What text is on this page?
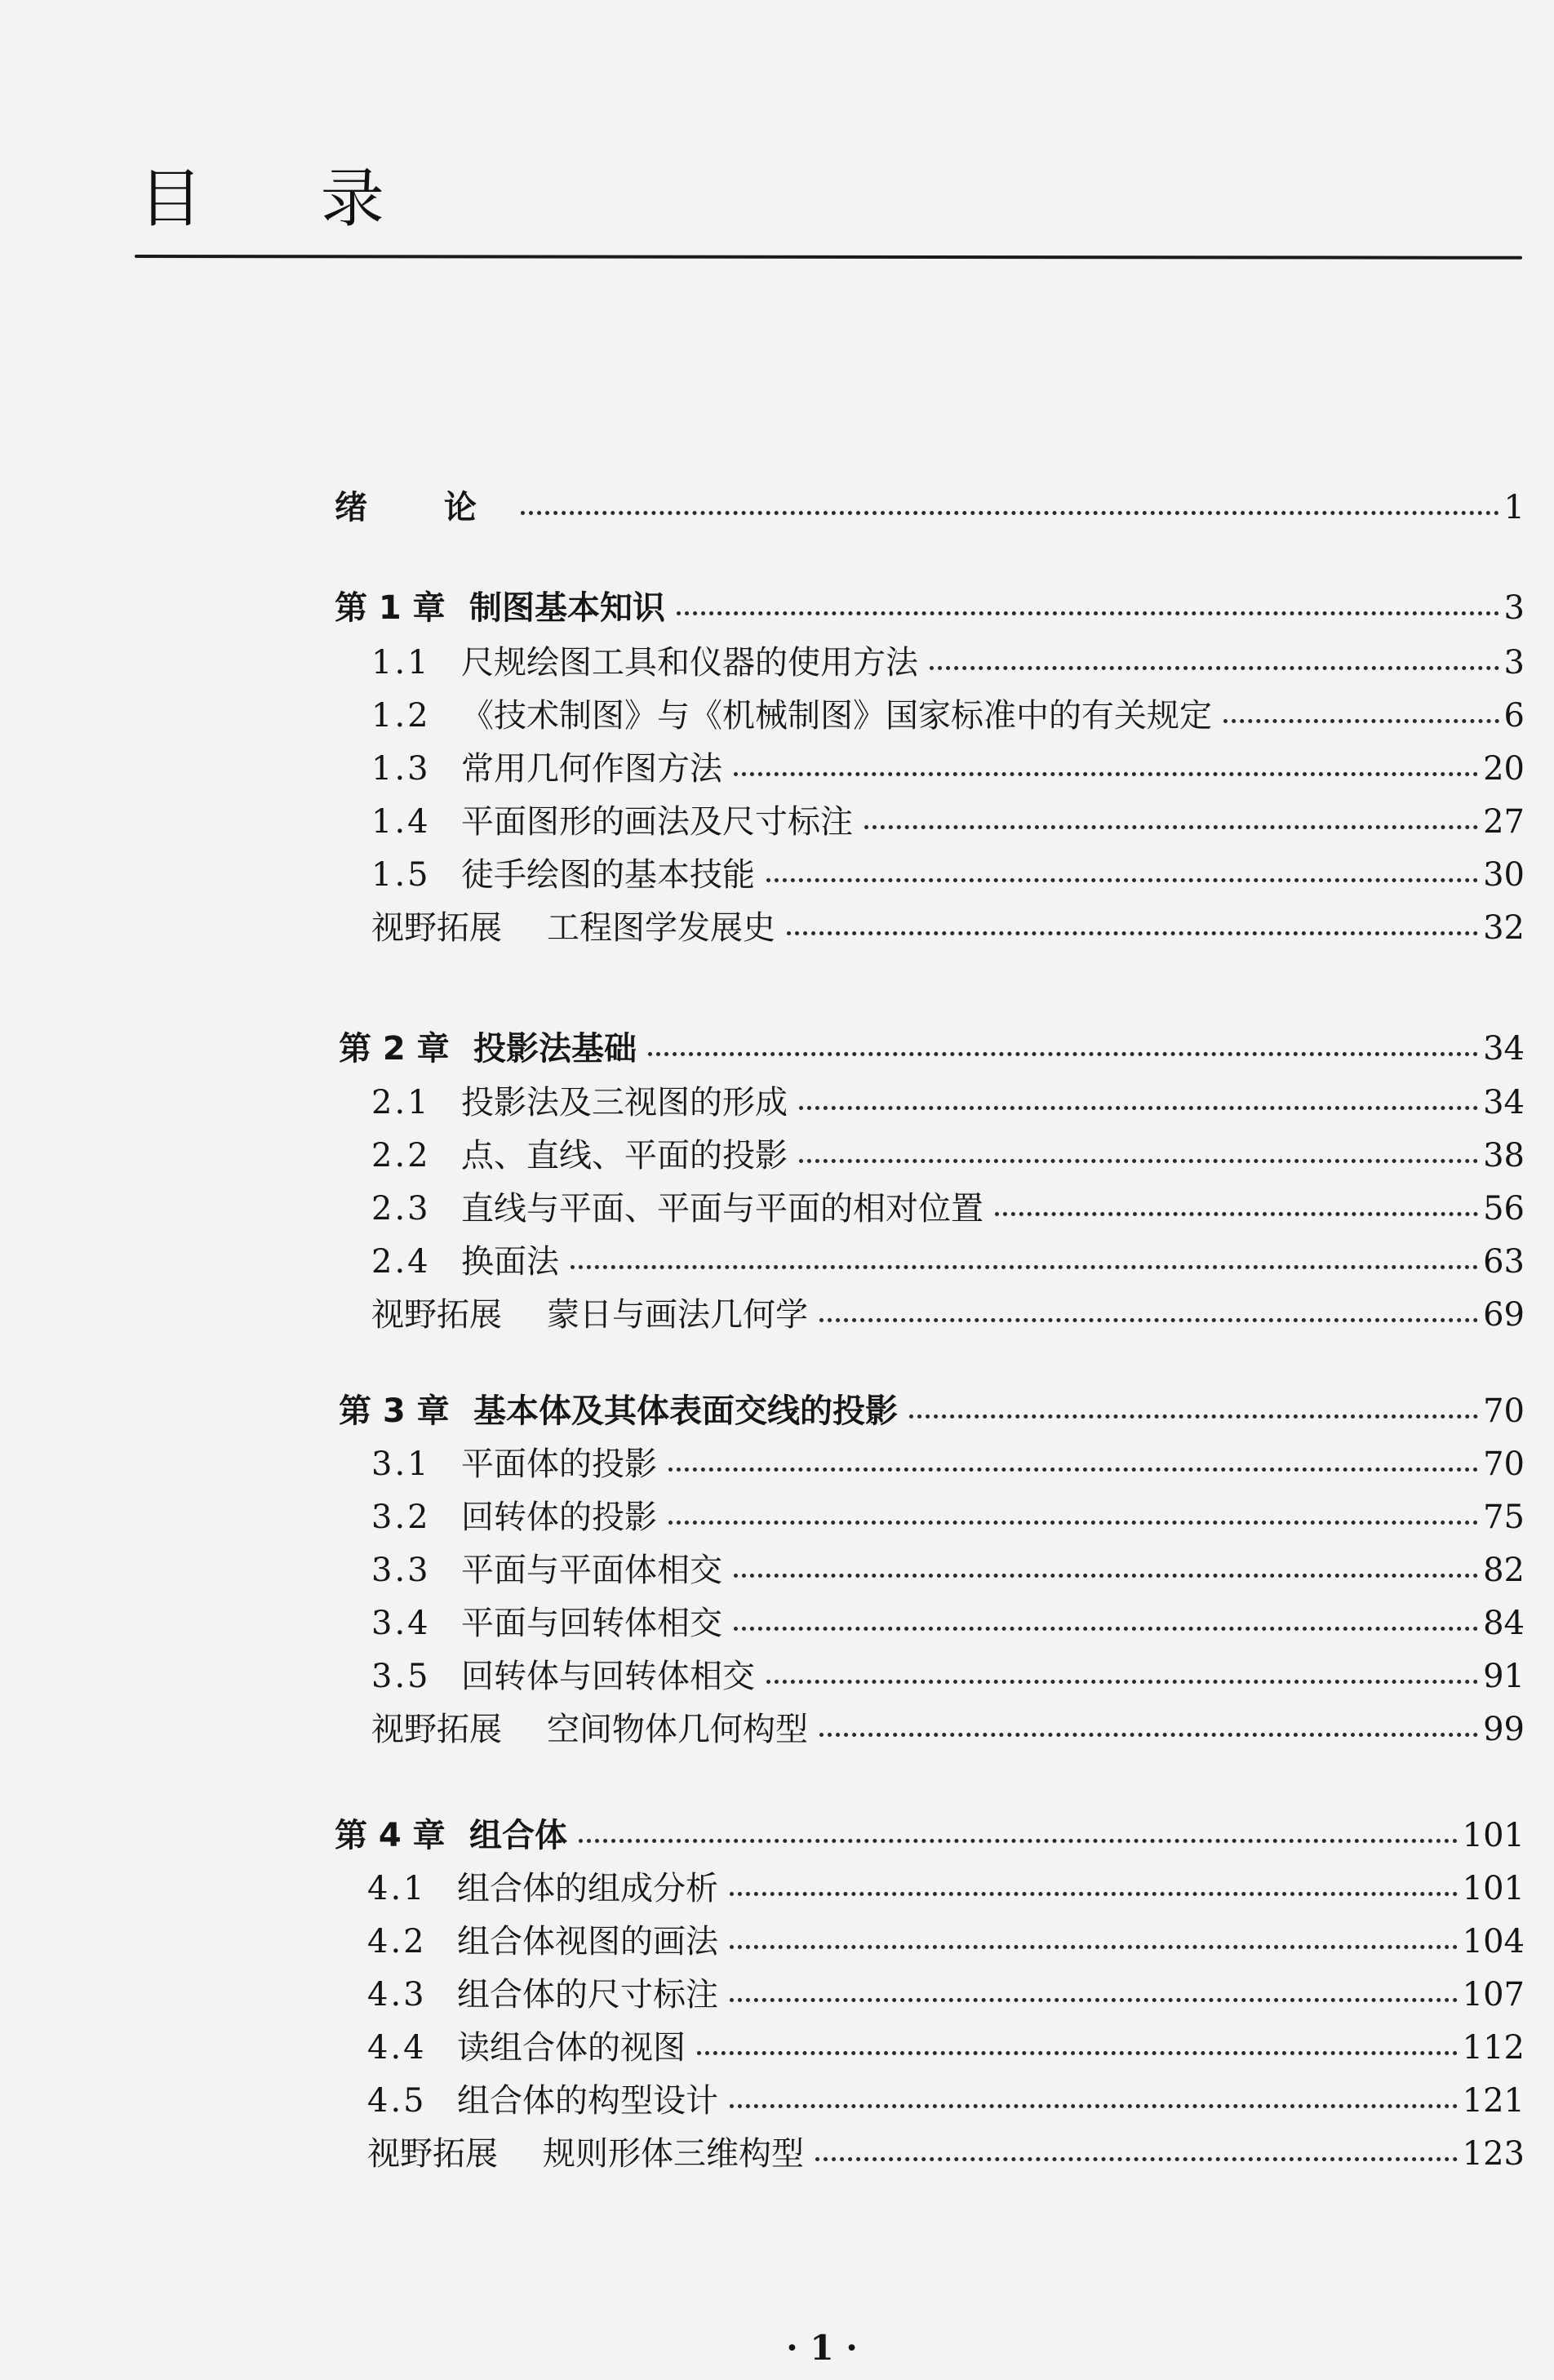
目 录
绪 论	1
第 1 章 制图基本知识	3
1.1 尺规绘图工具和仪器的使用方法	3
1.2 《技术制图》与《机械制图》国家标准中的有关规定	6
1.3 常用几何作图方法	20
1.4 平面图形的画法及尺寸标注	27
1.5 徒手绘图的基本技能	30
视野拓展	工程图学发展史	32
第 2 章 投影法基础	34
2.1 投影法及三视图的形成	34
2.2 点、直线、平面的投影	38
2.3 直线与平面、平面与平面的相对位置	56
2.4 换面法	63
视野拓展	蒙日与画法几何学	69
第 3 章 基本体及其体表面交线的投影	70
3.1 平面体的投影	70
3.2 回转体的投影	75
3.3 平面与平面体相交	82
3.4 平面与回转体相交	84
3.5 回转体与回转体相交	91
视野拓展	空间物体几何构型	99
第 4 章 组合体	101
4.1 组合体的组成分析	101
4.2 组合体视图的画法	104
4.3 组合体的尺寸标注	107
4.4 读组合体的视图	112
4.5 组合体的构型设计	121
视野拓展	规则形体三维构型	123
· 1 ·
